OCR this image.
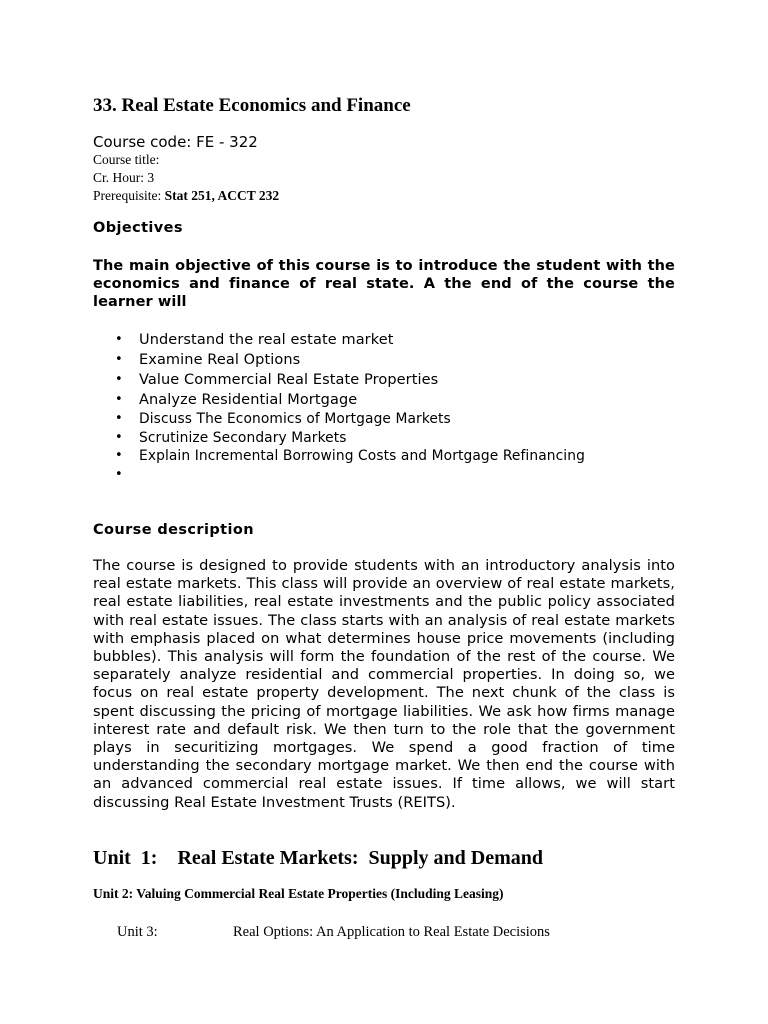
33. Real Estate Economics and Finance
Course code: FE - 322
Course title:
Cr. Hour: 3
Prerequisite: Stat 251, ACCT 232
Objectives
The main objective of this course is to introduce the student with the economics and finance of real state. A the end of the course the learner will
• Understand the real estate market
• Examine Real Options
• Value Commercial Real Estate Properties
• Analyze Residential Mortgage
• Discuss The Economics of Mortgage Markets
• Scrutinize Secondary Markets
• Explain Incremental Borrowing Costs and Mortgage Refinancing
•
Course description

The course is designed to provide students with an introductory analysis into real estate markets. This class will provide an overview of real estate markets, real estate liabilities, real estate investments and the public policy associated with real estate issues. The class starts with an analysis of real estate markets with emphasis placed on what determines house price movements (including bubbles). This analysis will form the foundation of the rest of the course. We separately analyze residential and commercial properties. In doing so, we focus on real estate property development. The next chunk of the class is spent discussing the pricing of mortgage liabilities. We ask how firms manage interest rate and default risk. We then turn to the role that the government plays in securitizing mortgages. We spend a good fraction of time understanding the secondary mortgage market. We then end the course with an advanced commercial real estate issues. If time allows, we will start discussing Real Estate Investment Trusts (REITS).

Unit  1:    Real Estate Markets:  Supply and Demand
Unit 2: Valuing Commercial Real Estate Properties (Including Leasing)
Unit 3:	Real Options: An Application to Real Estate Decisions
